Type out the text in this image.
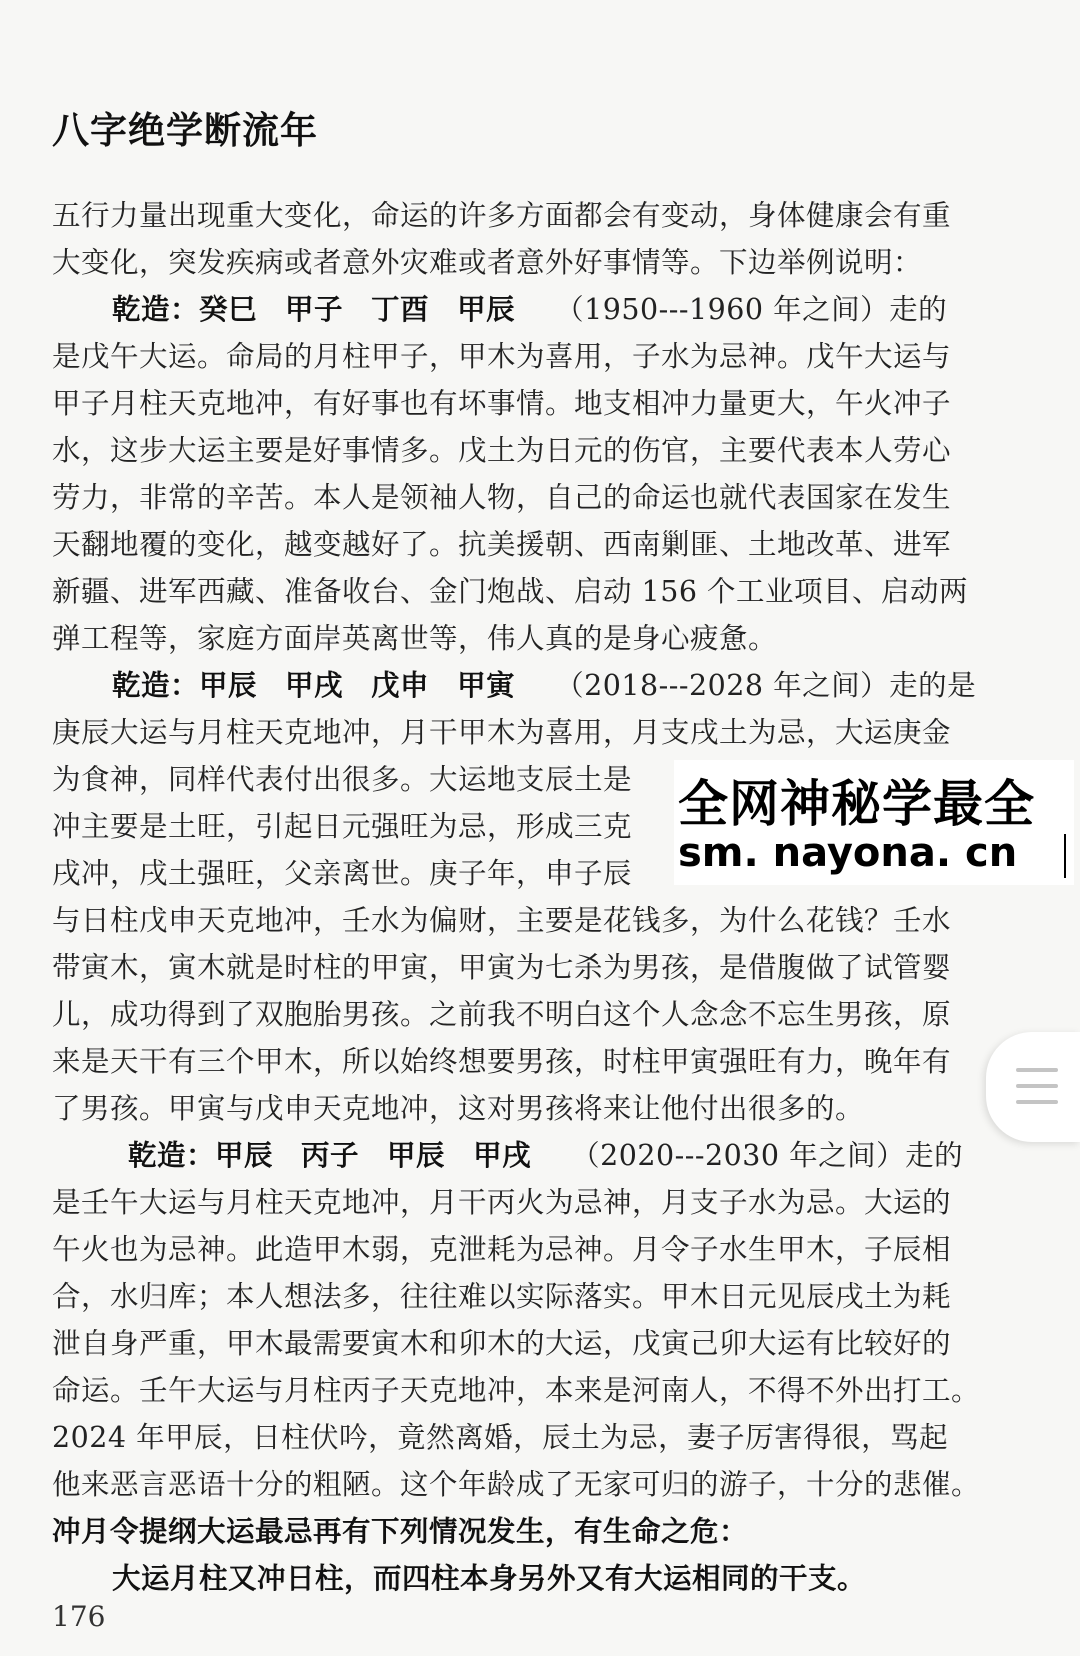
八字绝学断流年

五行力量出现重大变化，命运的许多方面都会有变动，身体健康会有重

大变化，突发疾病或者意外灾难或者意外好事情等。下边举例说明：

乾造：癸巳 甲子 丁酉 甲辰 （1950---1960 年之间）走的

是戊午大运。命局的月柱甲子，甲木为喜用，子水为忌神。戊午大运与

甲子月柱天克地冲，有好事也有坏事情。地支相冲力量更大，午火冲子

水，这步大运主要是好事情多。戊土为日元的伤官，主要代表本人劳心

劳力，非常的辛苦。本人是领袖人物，自己的命运也就代表国家在发生

天翻地覆的变化，越变越好了。抗美援朝、西南剿匪、土地改革、进军

新疆、进军西藏、准备收台、金门炮战、启动 156 个工业项目、启动两

弹工程等，家庭方面岸英离世等，伟人真的是身心疲惫。

乾造：甲辰 甲戌 戊申 甲寅 （2018---2028 年之间）走的是

庚辰大运与月柱天克地冲，月干甲木为喜用，月支戌土为忌，大运庚金

为食神，同样代表付出很多。大运地支辰土是

冲主要是土旺，引起日元强旺为忌，形成三克

戌冲，戌土强旺，父亲离世。庚子年，申子辰

与日柱戊申天克地冲，壬水为偏财，主要是花钱多，为什么花钱？壬水

带寅木，寅木就是时柱的甲寅，甲寅为七杀为男孩，是借腹做了试管婴

儿，成功得到了双胞胎男孩。之前我不明白这个人念念不忘生男孩，原

来是天干有三个甲木，所以始终想要男孩，时柱甲寅强旺有力，晚年有

了男孩。甲寅与戊申天克地冲，这对男孩将来让他付出很多的。

乾造：甲辰 丙子 甲辰 甲戌 （2020---2030 年之间）走的

是壬午大运与月柱天克地冲，月干丙火为忌神，月支子水为忌。大运的

午火也为忌神。此造甲木弱，克泄耗为忌神。月令子水生甲木，子辰相

合，水归库；本人想法多，往往难以实际落实。甲木日元见辰戌土为耗

泄自身严重，甲木最需要寅木和卯木的大运，戊寅己卯大运有比较好的

命运。壬午大运与月柱丙子天克地冲，本来是河南人，不得不外出打工。

2024 年甲辰，日柱伏吟，竟然离婚，辰土为忌，妻子厉害得很，骂起

他来恶言恶语十分的粗陋。这个年龄成了无家可归的游子，十分的悲催。

冲月令提纲大运最忌再有下列情况发生，有生命之危：

大运月柱又冲日柱，而四柱本身另外又有大运相同的干支。

176
全网神秘学最全
sm. nayona. cn
